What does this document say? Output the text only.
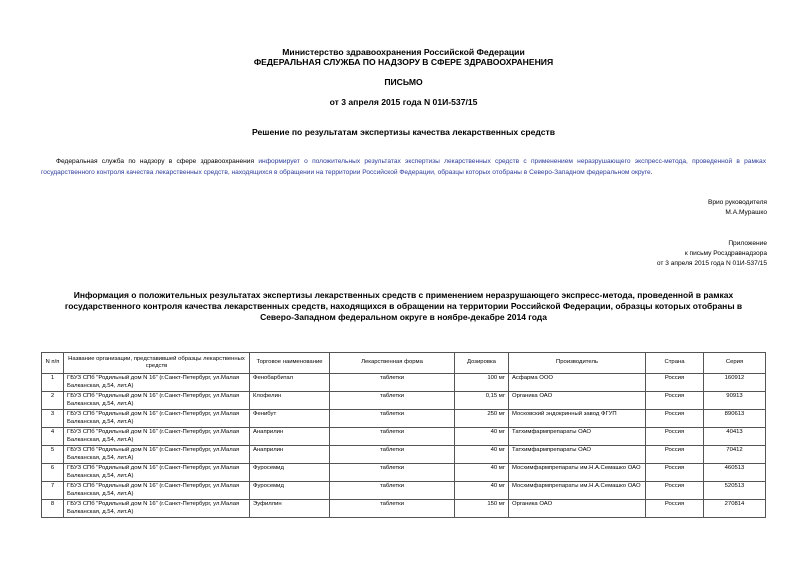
Министерство здравоохранения Российской Федерации
ФЕДЕРАЛЬНАЯ СЛУЖБА ПО НАДЗОРУ В СФЕРЕ ЗДРАВООХРАНЕНИЯ
ПИСЬМО
от 3 апреля 2015 года N 01И-537/15
Решение по результатам экспертизы качества лекарственных средств
Федеральная служба по надзору в сфере здравоохранения информирует о положительных результатах экспертизы лекарственных средств с применением неразрушающего экспресс-метода, проведенной в рамках государственного контроля качества лекарственных средств, находящихся в обращении на территории Российской Федерации, образцы которых отобраны в Северо-Западном федеральном округе.
Врио руководителя
М.А.Мурашко
Приложение
к письму Росздравнадзора
от 3 апреля 2015 года N 01И-537/15
Информация о положительных результатах экспертизы лекарственных средств с применением неразрушающего экспресс-метода, проведенной в рамках государственного контроля качества лекарственных средств, находящихся в обращении на территории Российской Федерации, образцы которых отобраны в Северо-Западном федеральном округе в ноябре-декабре 2014 года
N п/п	Название организации, представившей образцы лекарственных средств	Торговое наименование	Лекарственная форма	Дозировка	Производитель	Страна	Серия
1	ГБУЗ СПб "Родильный дом N 16" (г.Санкт-Петербург, ул.Малая Балканская, д.54, лит.А)	Фенобарбитал	таблетки	100 мг	Асфарма ООО	Россия	160912
2	ГБУЗ СПб "Родильный дом N 16" (г.Санкт-Петербург, ул.Малая Балканская, д.54, лит.А)	Клофелин	таблетки	0,15 мг	Органика ОАО	Россия	90913
3	ГБУЗ СПб "Родильный дом N 16" (г.Санкт-Петербург, ул.Малая Балканская, д.54, лит.А)	Фенибут	таблетки	250 мг	Московский эндокринный завод ФГУП	Россия	890613
4	ГБУЗ СПб "Родильный дом N 16" (г.Санкт-Петербург, ул.Малая Балканская, д.54, лит.А)	Анаприлин	таблетки	40 мг	Татхимфармпрепараты ОАО	Россия	40413
5	ГБУЗ СПб "Родильный дом N 16" (г.Санкт-Петербург, ул.Малая Балканская, д.54, лит.А)	Анаприлин	таблетки	40 мг	Татхимфармпрепараты ОАО	Россия	70412
6	ГБУЗ СПб "Родильный дом N 16" (г.Санкт-Петербург, ул.Малая Балканская, д.54, лит.А)	Фуросемид	таблетки	40 мг	Мосхимфармпрепараты им.Н.А.Семашко ОАО	Россия	460513
7	ГБУЗ СПб "Родильный дом N 16" (г.Санкт-Петербург, ул.Малая Балканская, д.54, лит.А)	Фуросемид	таблетки	40 мг	Мосхимфармпрепараты им.Н.А.Семашко ОАО	Россия	520513
8	ГБУЗ СПб "Родильный дом N 16" (г.Санкт-Петербург, ул.Малая Балканская, д.54, лит.А)	Эуфиллин	таблетки	150 мг	Органика ОАО	Россия	270814
